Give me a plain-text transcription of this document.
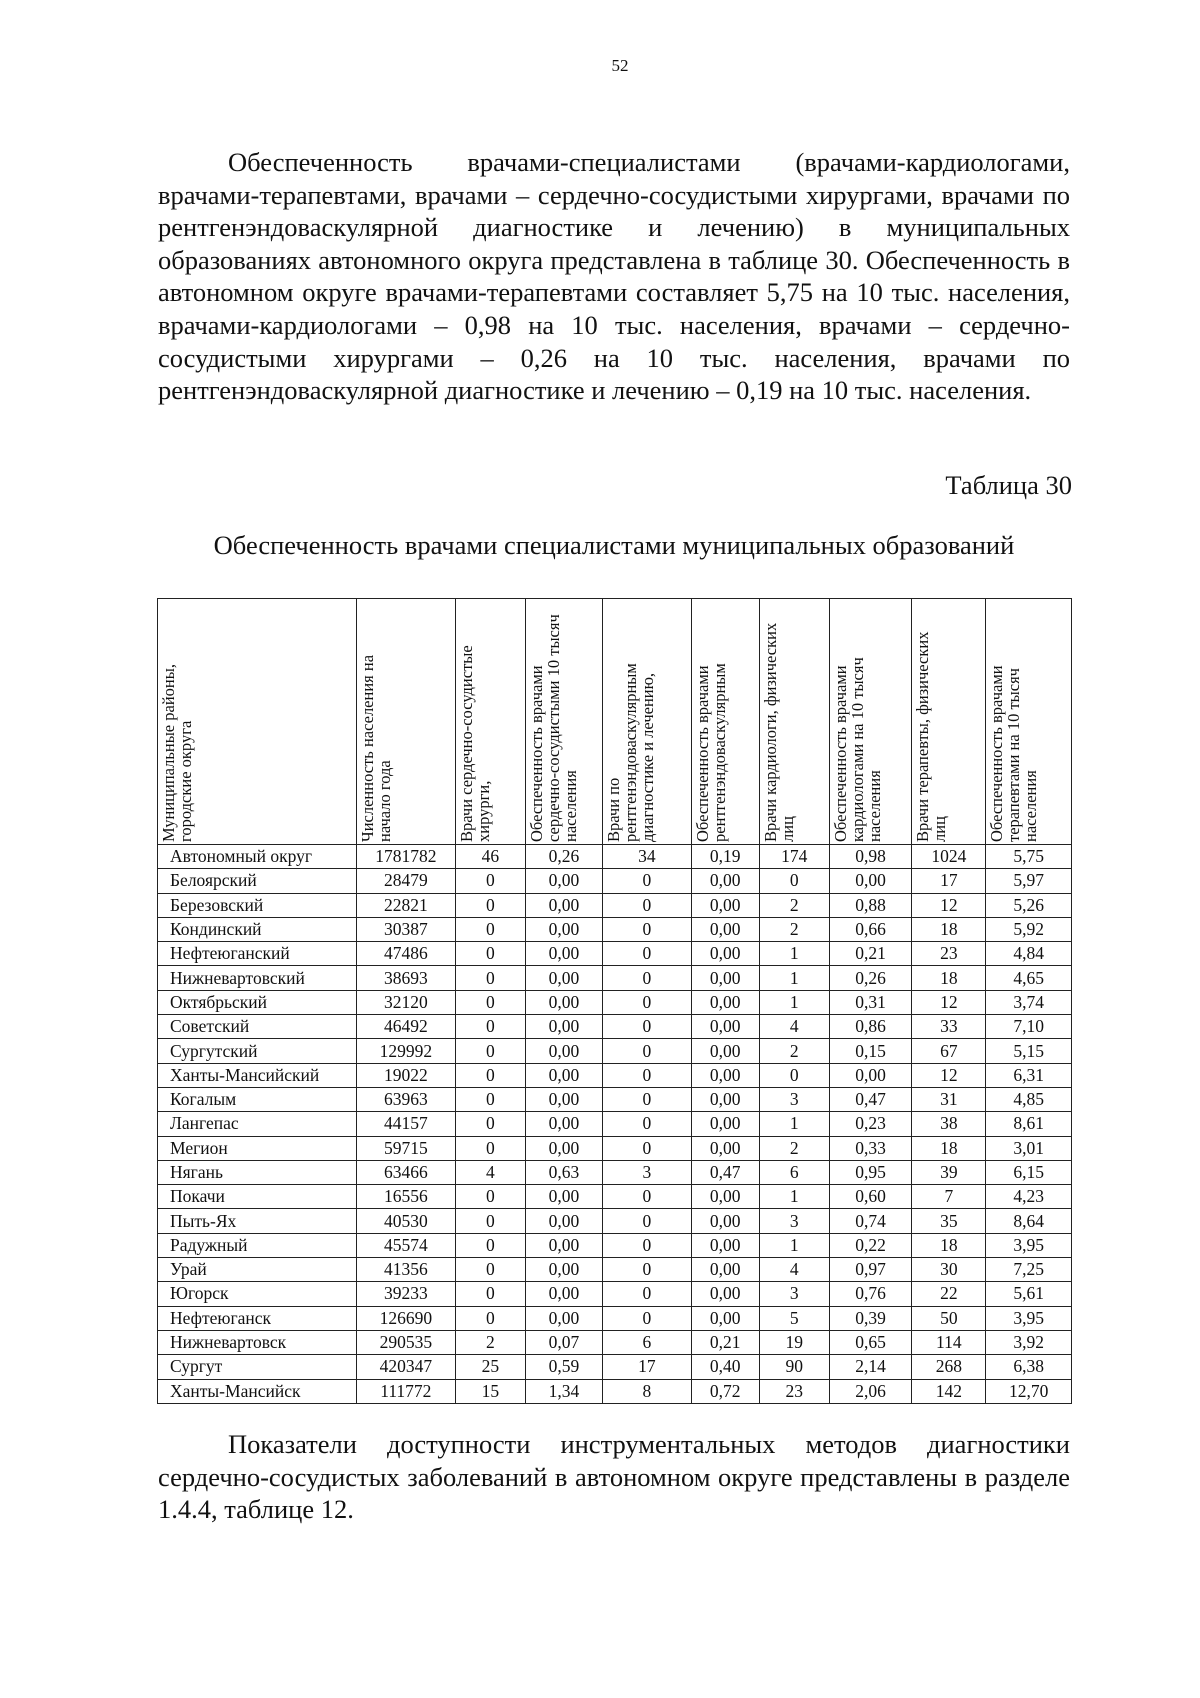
52

Обеспеченность врачами-специалистами (врачами-кардиологами, врачами-терапевтами, врачами – сердечно-сосудистыми хирургами, врачами по рентгенэндоваскулярной диагностике и лечению) в муниципальных образованиях автономного округа представлена в таблице 30. Обеспеченность в автономном округе врачами-терапевтами составляет 5,75 на 10 тыс. населения, врачами-кардиологами – 0,98 на 10 тыс. населения, врачами – сердечно-сосудистыми хирургами – 0,26 на 10 тыс. населения, врачами по рентгенэндоваскулярной диагностике и лечению – 0,19 на 10 тыс. населения.

Таблица 30
Обеспеченность врачами специалистами муниципальных образований
Муниципальные районы, городские округа	Численность населения на начало года	Врачи сердечно-сосудистые хирурги,	Обеспеченность врачами сердечно-сосудистыми 10 тысяч населения	Врачи по рентгенэндоваскулярным диагностике и лечению,	Обеспеченность врачами рентгенэндоваскулярным	Врачи кардиологи, физических лиц	Обеспеченность врачами кардиологами на 10 тысяч населения	Врачи терапевты, физических лиц	Обеспеченность врачами терапевтами на 10 тысяч населения

Автономный округ	1781782	46	0,26	34	0,19	174	0,98	1024	5,75
Белоярский	28479	0	0,00	0	0,00	0	0,00	17	5,97
Березовский	22821	0	0,00	0	0,00	2	0,88	12	5,26
Кондинский	30387	0	0,00	0	0,00	2	0,66	18	5,92
Нефтеюганский	47486	0	0,00	0	0,00	1	0,21	23	4,84
Нижневартовский	38693	0	0,00	0	0,00	1	0,26	18	4,65
Октябрьский	32120	0	0,00	0	0,00	1	0,31	12	3,74
Советский	46492	0	0,00	0	0,00	4	0,86	33	7,10
Сургутский	129992	0	0,00	0	0,00	2	0,15	67	5,15
Ханты-Мансийский	19022	0	0,00	0	0,00	0	0,00	12	6,31
Когалым	63963	0	0,00	0	0,00	3	0,47	31	4,85
Лангепас	44157	0	0,00	0	0,00	1	0,23	38	8,61
Мегион	59715	0	0,00	0	0,00	2	0,33	18	3,01
Нягань	63466	4	0,63	3	0,47	6	0,95	39	6,15
Покачи	16556	0	0,00	0	0,00	1	0,60	7	4,23
Пыть-Ях	40530	0	0,00	0	0,00	3	0,74	35	8,64
Радужный	45574	0	0,00	0	0,00	1	0,22	18	3,95
Урай	41356	0	0,00	0	0,00	4	0,97	30	7,25
Югорск	39233	0	0,00	0	0,00	3	0,76	22	5,61
Нефтеюганск	126690	0	0,00	0	0,00	5	0,39	50	3,95
Нижневартовск	290535	2	0,07	6	0,21	19	0,65	114	3,92
Сургут	420347	25	0,59	17	0,40	90	2,14	268	6,38
Ханты-Мансийск	111772	15	1,34	8	0,72	23	2,06	142	12,70

Показатели доступности инструментальных методов диагностики сердечно-сосудистых заболеваний в автономном округе представлены в разделе 1.4.4, таблице 12.
